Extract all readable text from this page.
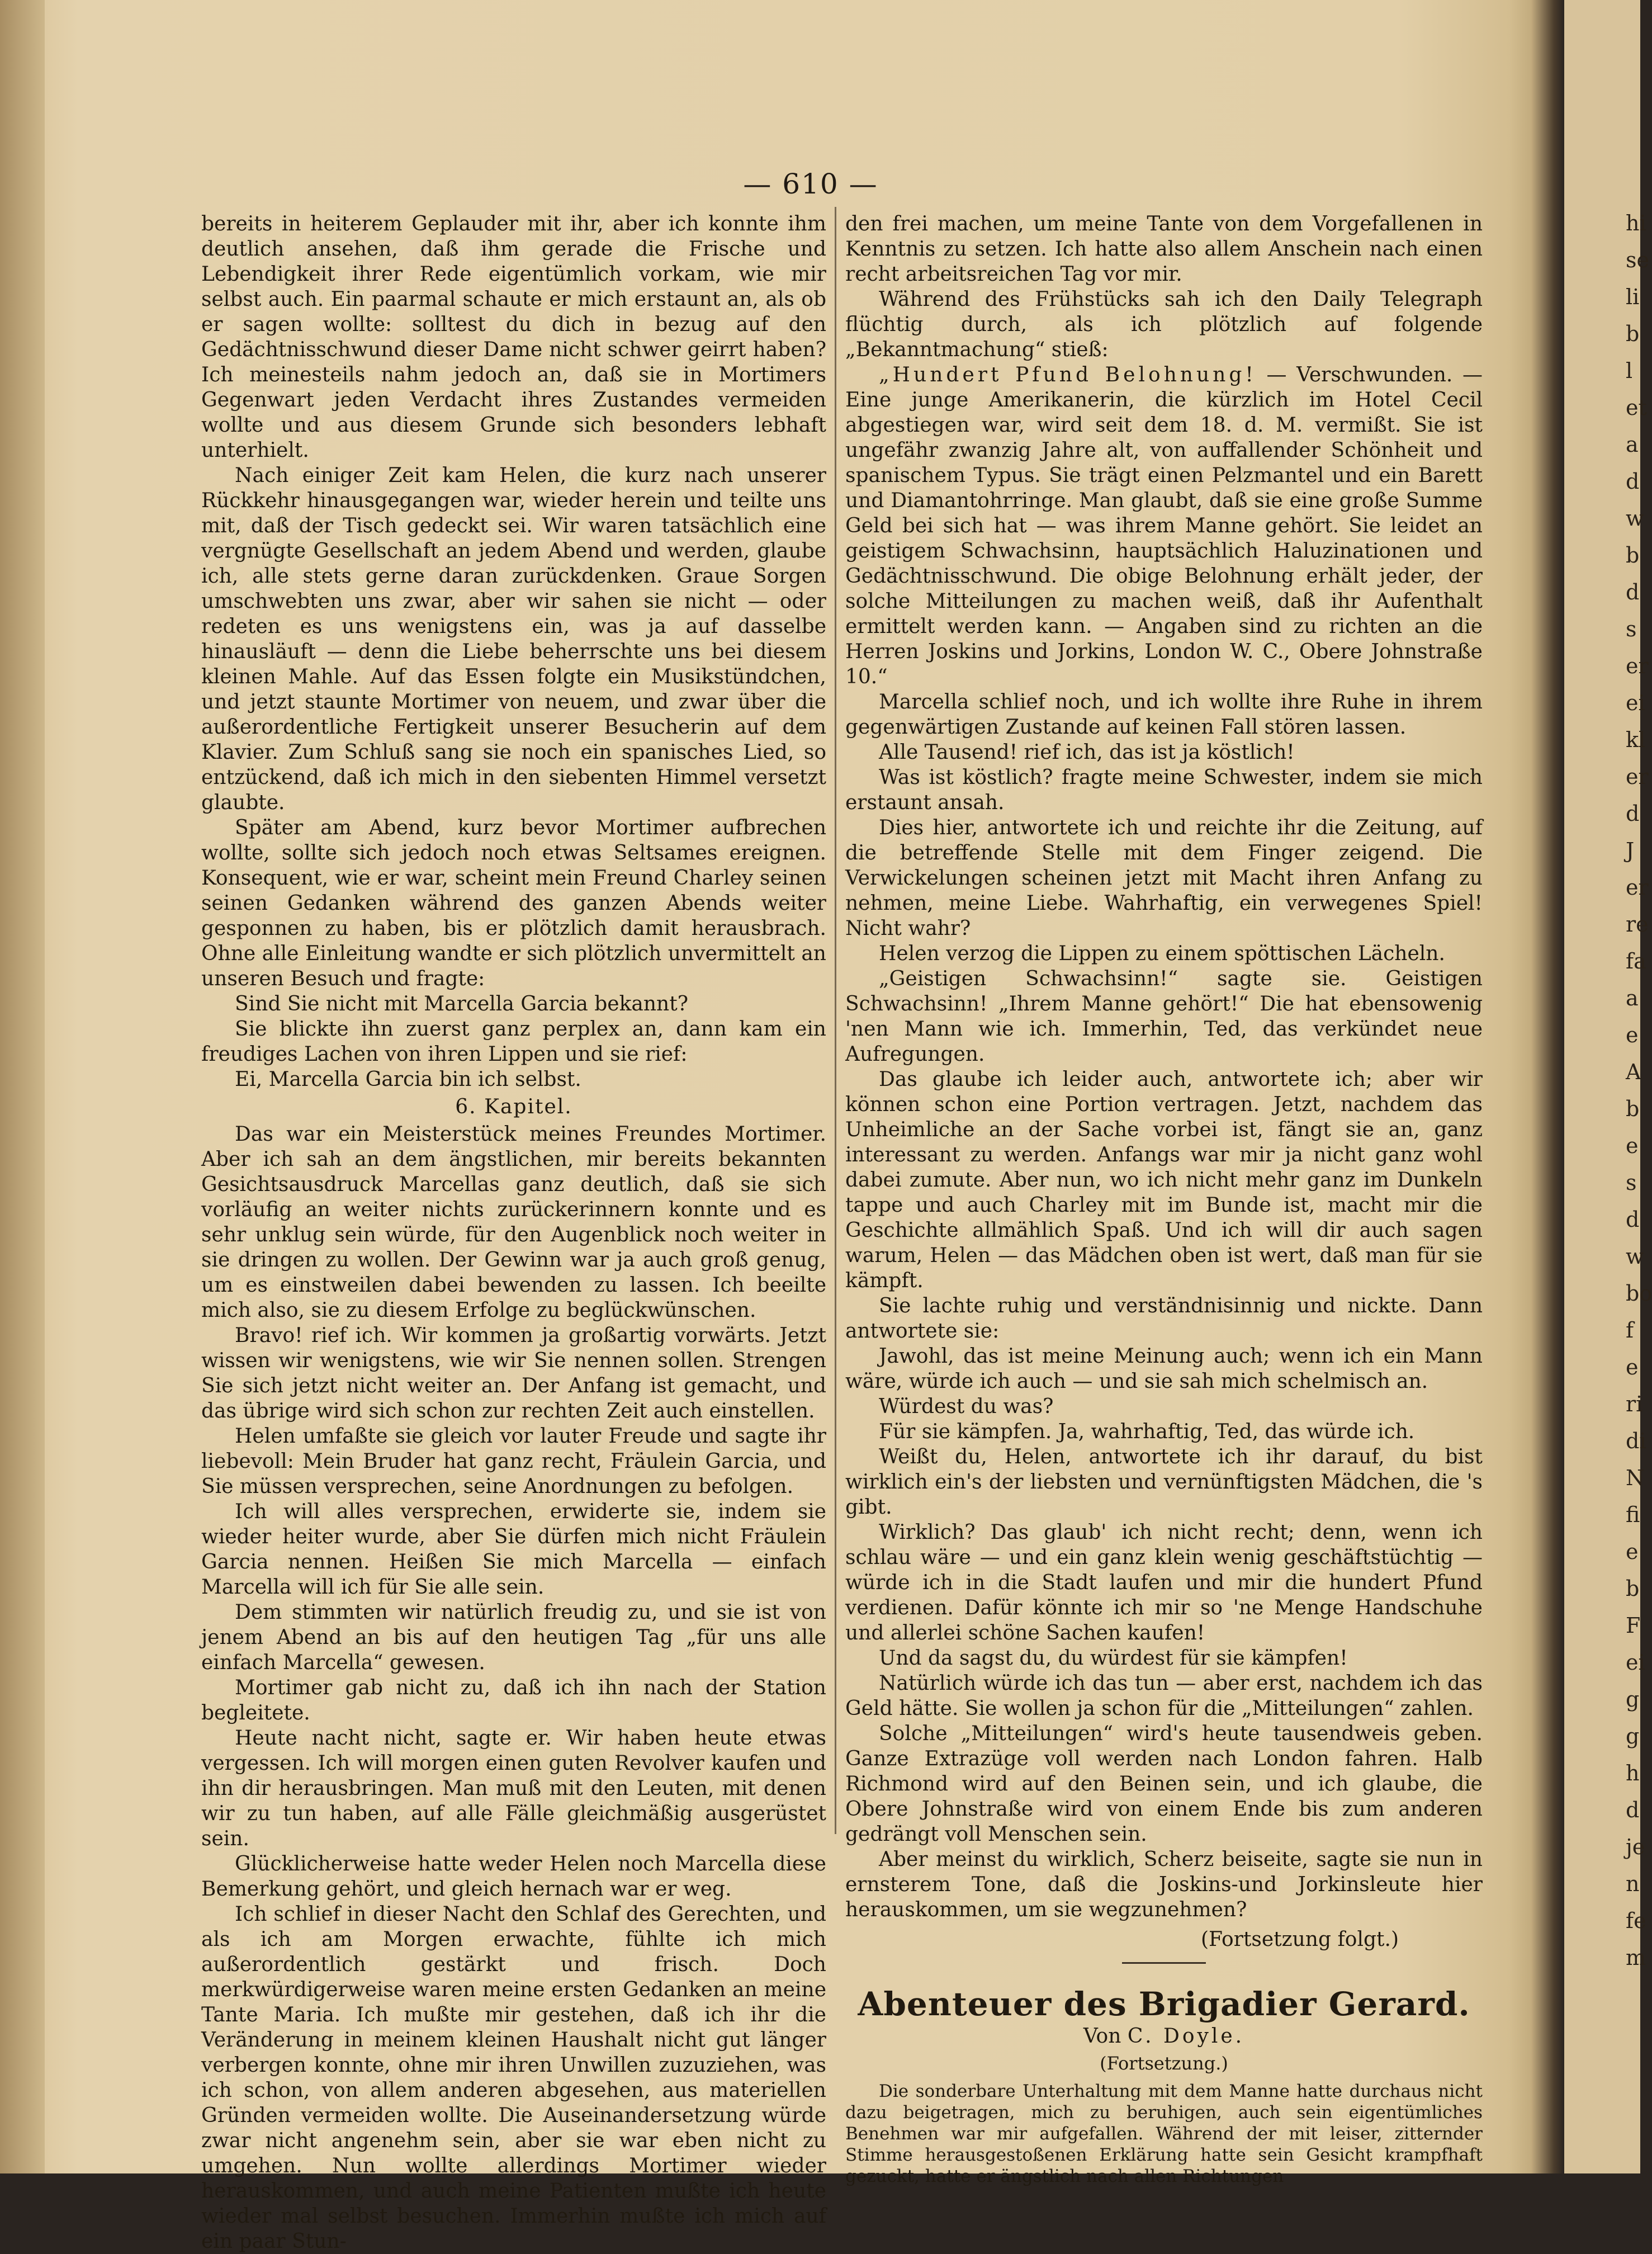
— 610 —

bereits in heiterem Geplauder mit ihr, aber ich konnte ihm deutlich ansehen, daß ihm gerade die Frische und Lebendigkeit ihrer Rede eigentümlich vorkam, wie mir selbst auch. Ein paarmal schaute er mich erstaunt an, als ob er sagen wollte: solltest du dich in bezug auf den Gedächtnisschwund dieser Dame nicht schwer geirrt haben? Ich meinesteils nahm jedoch an, daß sie in Mortimers Gegenwart jeden Verdacht ihres Zustandes vermeiden wollte und aus diesem Grunde sich besonders lebhaft unterhielt.

Nach einiger Zeit kam Helen, die kurz nach unserer Rückkehr hinausgegangen war, wieder herein und teilte uns mit, daß der Tisch gedeckt sei. Wir waren tatsächlich eine vergnügte Gesellschaft an jedem Abend und werden, glaube ich, alle stets gerne daran zurückdenken. Graue Sorgen umschwebten uns zwar, aber wir sahen sie nicht — oder redeten es uns wenigstens ein, was ja auf dasselbe hinausläuft — denn die Liebe beherrschte uns bei diesem kleinen Mahle. Auf das Essen folgte ein Musikstündchen, und jetzt staunte Mortimer von neuem, und zwar über die außerordentliche Fertigkeit unserer Besucherin auf dem Klavier. Zum Schluß sang sie noch ein spanisches Lied, so entzückend, daß ich mich in den siebenten Himmel versetzt glaubte.

Später am Abend, kurz bevor Mortimer aufbrechen wollte, sollte sich jedoch noch etwas Seltsames ereignen. Konsequent, wie er war, scheint mein Freund Charley seinen seinen Gedanken während des ganzen Abends weiter gesponnen zu haben, bis er plötzlich damit herausbrach. Ohne alle Einleitung wandte er sich plötzlich unvermittelt an unseren Besuch und fragte:

Sind Sie nicht mit Marcella Garcia bekannt?

Sie blickte ihn zuerst ganz perplex an, dann kam ein freudiges Lachen von ihren Lippen und sie rief:

Ei, Marcella Garcia bin ich selbst.

6. Kapitel.

Das war ein Meisterstück meines Freundes Mortimer. Aber ich sah an dem ängstlichen, mir bereits bekannten Gesichtsausdruck Marcellas ganz deutlich, daß sie sich vorläufig an weiter nichts zurückerinnern konnte und es sehr unklug sein würde, für den Augenblick noch weiter in sie dringen zu wollen. Der Gewinn war ja auch groß genug, um es einstweilen dabei bewenden zu lassen. Ich beeilte mich also, sie zu diesem Erfolge zu beglückwünschen.

Bravo! rief ich. Wir kommen ja großartig vorwärts. Jetzt wissen wir wenigstens, wie wir Sie nennen sollen. Strengen Sie sich jetzt nicht weiter an. Der Anfang ist gemacht, und das übrige wird sich schon zur rechten Zeit auch einstellen.

Helen umfaßte sie gleich vor lauter Freude und sagte ihr liebevoll: Mein Bruder hat ganz recht, Fräulein Garcia, und Sie müssen versprechen, seine Anordnungen zu befolgen.

Ich will alles versprechen, erwiderte sie, indem sie wieder heiter wurde, aber Sie dürfen mich nicht Fräulein Garcia nennen. Heißen Sie mich Marcella — einfach Marcella will ich für Sie alle sein.

Dem stimmten wir natürlich freudig zu, und sie ist von jenem Abend an bis auf den heutigen Tag „für uns alle einfach Marcella“ gewesen.

Mortimer gab nicht zu, daß ich ihn nach der Station begleitete.

Heute nacht nicht, sagte er. Wir haben heute etwas vergessen. Ich will morgen einen guten Revolver kaufen und ihn dir herausbringen. Man muß mit den Leuten, mit denen wir zu tun haben, auf alle Fälle gleichmäßig ausgerüstet sein.

Glücklicherweise hatte weder Helen noch Marcella diese Bemerkung gehört, und gleich hernach war er weg.

Ich schlief in dieser Nacht den Schlaf des Gerechten, und als ich am Morgen erwachte, fühlte ich mich außerordentlich gestärkt und frisch. Doch merkwürdigerweise waren meine ersten Gedanken an meine Tante Maria. Ich mußte mir gestehen, daß ich ihr die Veränderung in meinem kleinen Haushalt nicht gut länger verbergen konnte, ohne mir ihren Unwillen zuzuziehen, was ich schon, von allem anderen abgesehen, aus materiellen Gründen vermeiden wollte. Die Auseinandersetzung würde zwar nicht angenehm sein, aber sie war eben nicht zu umgehen. Nun wollte allerdings Mortimer wieder herauskommen, und auch meine Patienten mußte ich heute wieder mal selbst besuchen. Immerhin mußte ich mich auf ein paar Stun-

den frei machen, um meine Tante von dem Vorgefallenen in Kenntnis zu setzen. Ich hatte also allem Anschein nach einen recht arbeitsreichen Tag vor mir.

Während des Frühstücks sah ich den Daily Telegraph flüchtig durch, als ich plötzlich auf folgende „Bekanntmachung“ stieß:

„Hundert Pfund Belohnung! — Verschwunden. — Eine junge Amerikanerin, die kürzlich im Hotel Cecil abgestiegen war, wird seit dem 18. d. M. vermißt. Sie ist ungefähr zwanzig Jahre alt, von auffallender Schönheit und spanischem Typus. Sie trägt einen Pelzmantel und ein Barett und Diamantohrringe. Man glaubt, daß sie eine große Summe Geld bei sich hat — was ihrem Manne gehört. Sie leidet an geistigem Schwachsinn, hauptsächlich Haluzinationen und Gedächtnisschwund. Die obige Belohnung erhält jeder, der solche Mitteilungen zu machen weiß, daß ihr Aufenthalt ermittelt werden kann. — Angaben sind zu richten an die Herren Joskins und Jorkins, London W. C., Obere Johnstraße 10.“

Marcella schlief noch, und ich wollte ihre Ruhe in ihrem gegenwärtigen Zustande auf keinen Fall stören lassen.

Alle Tausend! rief ich, das ist ja köstlich!

Was ist köstlich? fragte meine Schwester, indem sie mich erstaunt ansah.

Dies hier, antwortete ich und reichte ihr die Zeitung, auf die betreffende Stelle mit dem Finger zeigend. Die Verwickelungen scheinen jetzt mit Macht ihren Anfang zu nehmen, meine Liebe. Wahrhaftig, ein verwegenes Spiel! Nicht wahr?

Helen verzog die Lippen zu einem spöttischen Lächeln.

„Geistigen Schwachsinn!“ sagte sie. Geistigen Schwachsinn! „Ihrem Manne gehört!“ Die hat ebensowenig 'nen Mann wie ich. Immerhin, Ted, das verkündet neue Aufregungen.

Das glaube ich leider auch, antwortete ich; aber wir können schon eine Portion vertragen. Jetzt, nachdem das Unheimliche an der Sache vorbei ist, fängt sie an, ganz interessant zu werden. Anfangs war mir ja nicht ganz wohl dabei zumute. Aber nun, wo ich nicht mehr ganz im Dunkeln tappe und auch Charley mit im Bunde ist, macht mir die Geschichte allmählich Spaß. Und ich will dir auch sagen warum, Helen — das Mädchen oben ist wert, daß man für sie kämpft.

Sie lachte ruhig und verständnisinnig und nickte. Dann antwortete sie:

Jawohl, das ist meine Meinung auch; wenn ich ein Mann wäre, würde ich auch — und sie sah mich schelmisch an.

Würdest du was?

Für sie kämpfen. Ja, wahrhaftig, Ted, das würde ich.

Weißt du, Helen, antwortete ich ihr darauf, du bist wirklich ein's der liebsten und vernünftigsten Mädchen, die 's gibt.

Wirklich? Das glaub' ich nicht recht; denn, wenn ich schlau wäre — und ein ganz klein wenig geschäftstüchtig — würde ich in die Stadt laufen und mir die hundert Pfund verdienen. Dafür könnte ich mir so 'ne Menge Handschuhe und allerlei schöne Sachen kaufen!

Und da sagst du, du würdest für sie kämpfen!

Natürlich würde ich das tun — aber erst, nachdem ich das Geld hätte. Sie wollen ja schon für die „Mitteilungen“ zahlen.

Solche „Mitteilungen“ wird's heute tausendweis geben. Ganze Extrazüge voll werden nach London fahren. Halb Richmond wird auf den Beinen sein, und ich glaube, die Obere Johnstraße wird von einem Ende bis zum anderen gedrängt voll Menschen sein.

Aber meinst du wirklich, Scherz beiseite, sagte sie nun in ernsterem Tone, daß die Joskins-und Jorkinsleute hier herauskommen, um sie wegzunehmen?

(Fortsetzung folgt.)

Abenteuer des Brigadier Gerard.
Von C. Doyle.
(Fortsetzung.)

Die sonderbare Unterhaltung mit dem Manne hatte durchaus nicht dazu beigetragen, mich zu beruhigen, auch sein eigentümliches Benehmen war mir aufgefallen. Während der mit leiser, zitternder Stimme herausgestoßenen Erklärung hatte sein Gesicht krampfhaft gezuckt, hatte er ängstlich nach allen Richtungen

hi
se
li
b
l
et
a
d
w
b
d
s
er
ei
kl
er
d
J
er
re
fa
a
e
A
b
e
s
d
w
bo
f
e
ri
di
N
fi
e
b
F
ei
g
g
h
d
je
n
fe
m
